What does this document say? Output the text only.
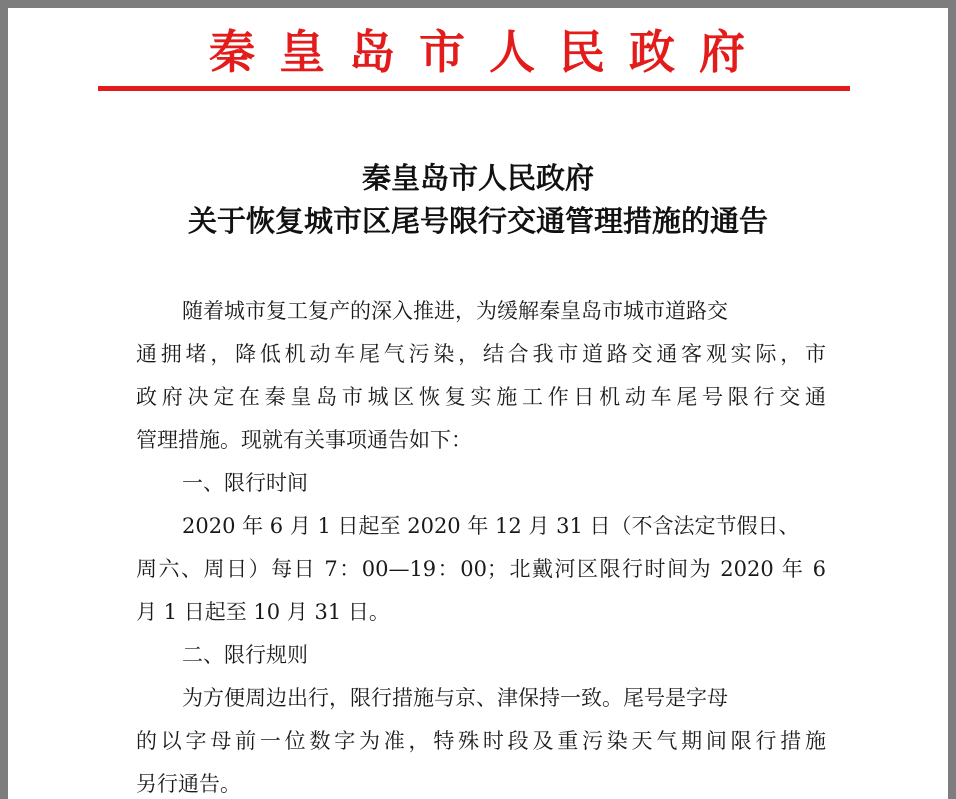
秦皇岛市人民政府
秦皇岛市人民政府
关于恢复城市区尾号限行交通管理措施的通告
随着城市复工复产的深入推进，为缓解秦皇岛市城市道路交
通拥堵，降低机动车尾气污染，结合我市道路交通客观实际，市
政府决定在秦皇岛市城区恢复实施工作日机动车尾号限行交通
管理措施。现就有关事项通告如下：
一、限行时间
2020 年 6 月 1 日起至 2020 年 12 月 31 日（不含法定节假日、
周六、周日）每日 7：00—19：00；北戴河区限行时间为 2020 年 6
月 1 日起至 10 月 31 日。
二、限行规则
为方便周边出行，限行措施与京、津保持一致。尾号是字母
的以字母前一位数字为准，特殊时段及重污染天气期间限行措施
另行通告。
